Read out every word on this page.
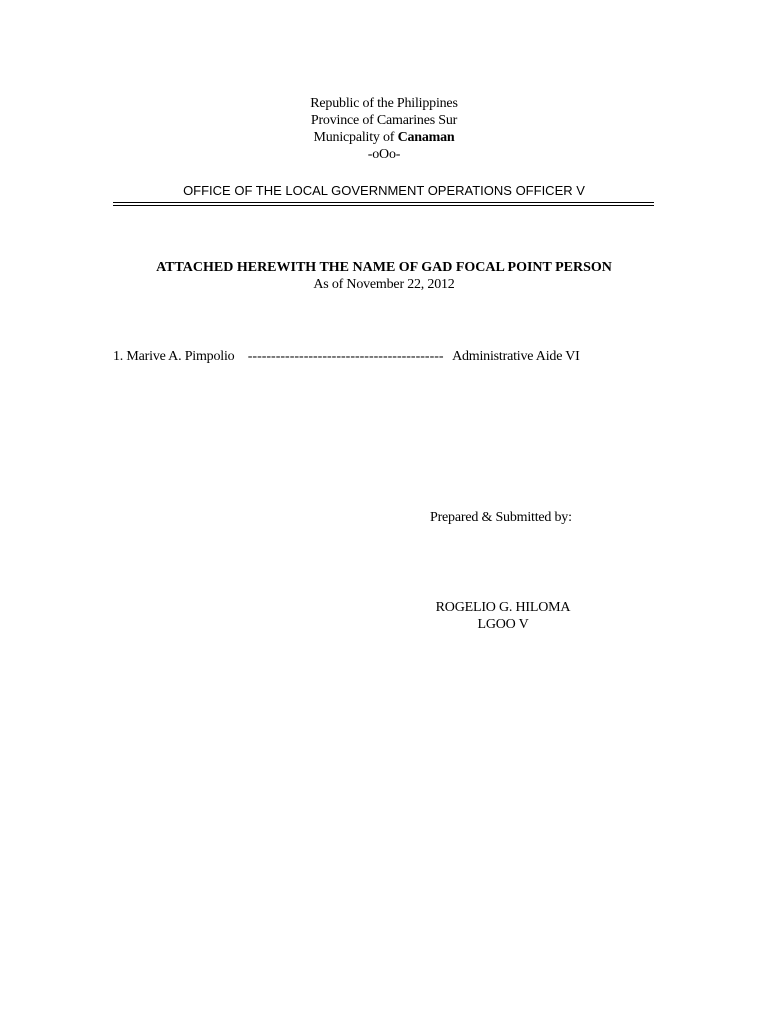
Republic of the Philippines
Province of Camarines Sur
Municpality of Canaman
-oOo-
OFFICE OF THE LOCAL GOVERNMENT OPERATIONS OFFICER V
ATTACHED HEREWITH THE NAME OF GAD FOCAL POINT PERSON
As of November 22, 2012
1. Marive A. Pimpolio ------------------------------------------ Administrative Aide VI
Prepared & Submitted by:
ROGELIO G. HILOMA
LGOO V
